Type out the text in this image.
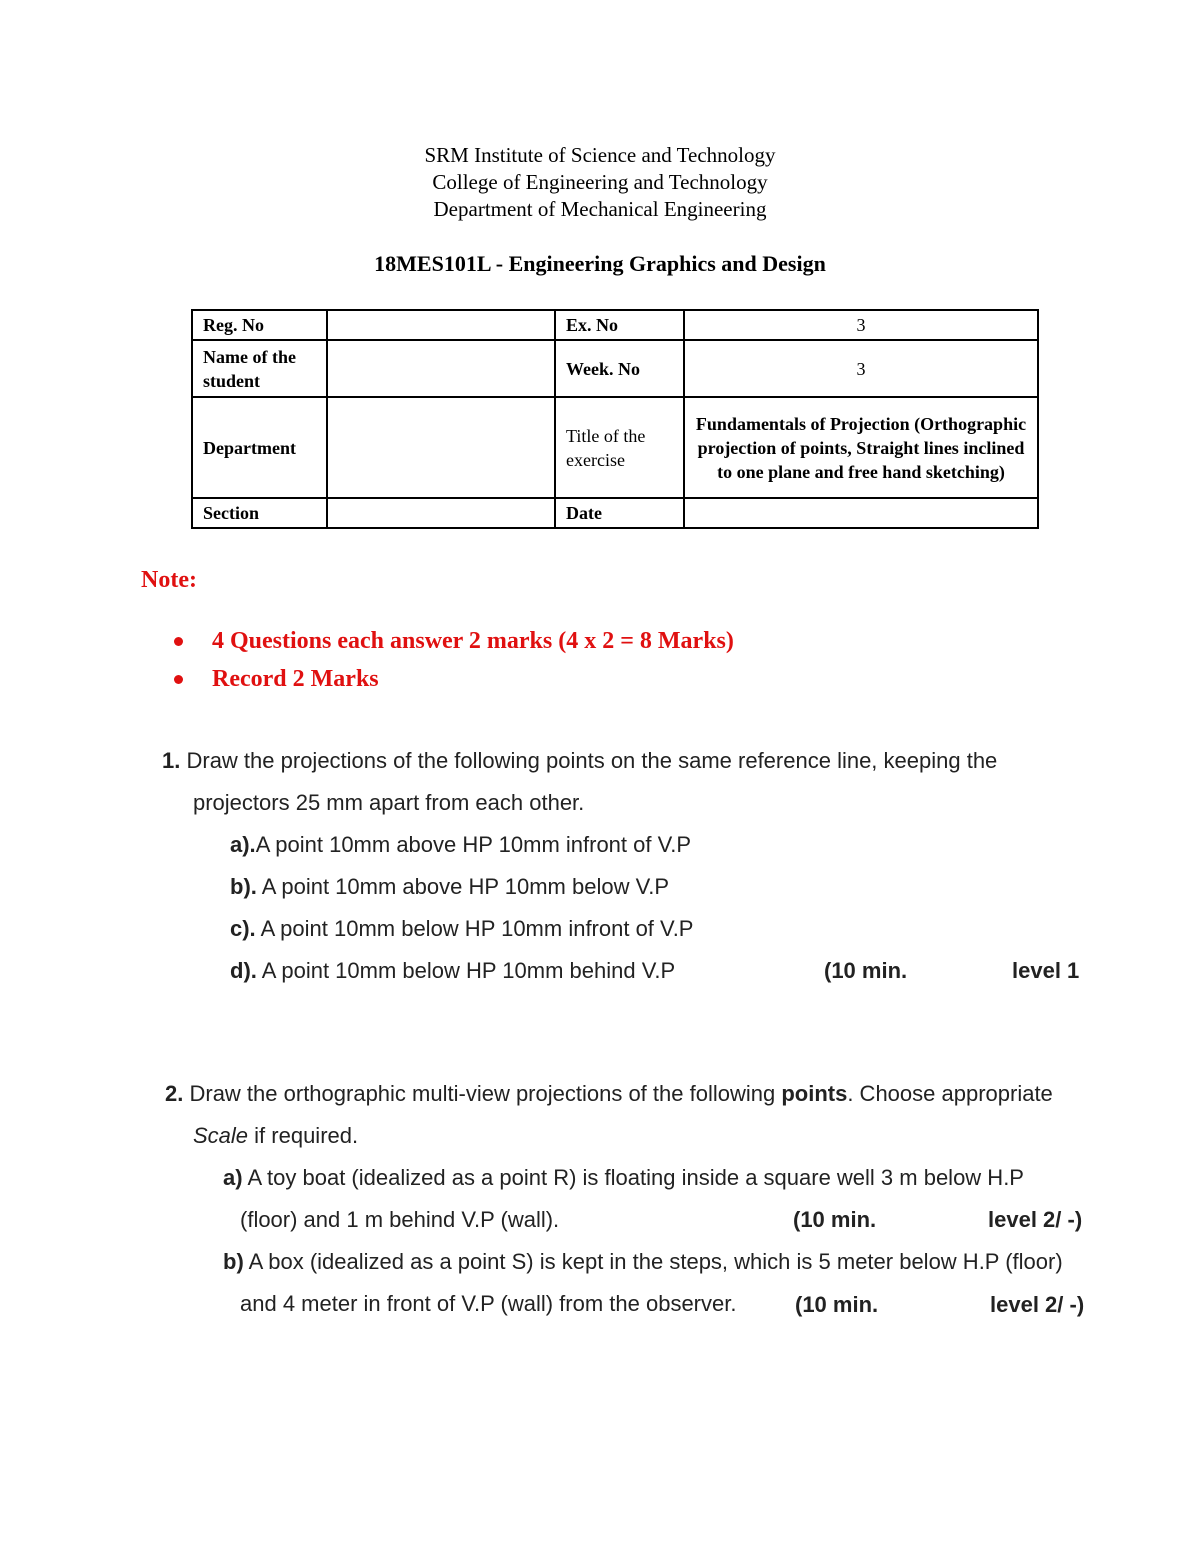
SRM Institute of Science and Technology
College of Engineering and Technology
Department of Mechanical Engineering
18MES101L - Engineering Graphics and Design
Reg. No		Ex. No	3
Name of the student		Week. No	3
Department		Title of the exercise	Fundamentals of Projection (Orthographic projection of points, Straight lines inclined to one plane and free hand sketching)
Section		Date	
Note:
4 Questions each answer 2 marks (4 x 2 = 8 Marks)
Record 2 Marks
1. Draw the projections of the following points on the same reference line, keeping the
projectors 25 mm apart from each other.
a).A point 10mm above HP 10mm infront of V.P
b). A point 10mm above HP 10mm below V.P
c). A point 10mm below HP 10mm infront of V.P
d). A point 10mm below HP 10mm behind V.P	(10 min.	level 1
2. Draw the orthographic multi-view projections of the following points. Choose appropriate
Scale if required.
a) A toy boat (idealized as a point R) is floating inside a square well 3 m below H.P
(floor) and 1 m behind V.P (wall).
b) A box (idealized as a point S) is kept in the steps, which is 5 meter below H.P (floor)
and 4 meter in front of V.P (wall) from the observer.
(10 min.	level 2/ -)
(10 min.	level 2/ -)
